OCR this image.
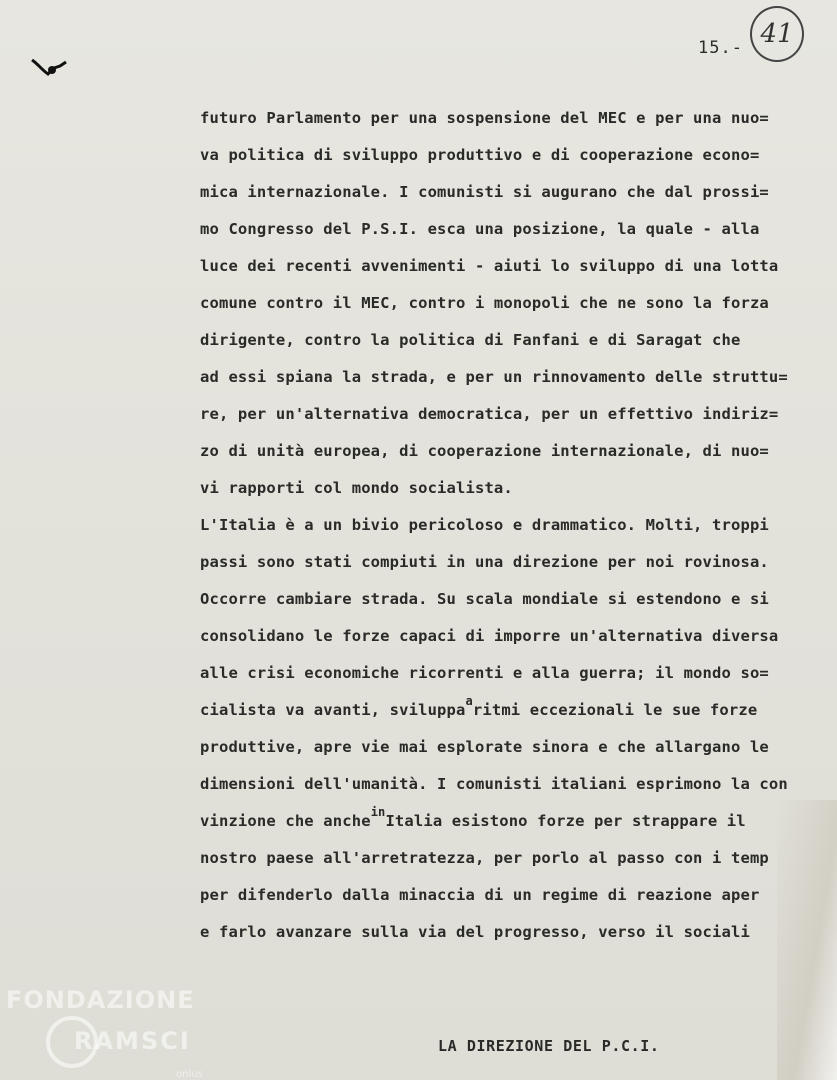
15.- 41
futuro Parlamento per una sospensione del MEC e per una nuo=
va politica di sviluppo produttivo e di cooperazione econo=
mica internazionale. I comunisti si augurano che dal prossi=
mo Congresso del P.S.I. esca una posizione, la quale - alla
luce dei recenti avvenimenti - aiuti lo sviluppo di una lotta
comune contro il MEC, contro i monopoli che ne sono la forza
dirigente, contro la politica di Fanfani e di Saragat che
ad essi spiana la strada, e per un rinnovamento delle struttu=
re, per un'alternativa democratica, per un effettivo indiriz=
zo di unità europea, di cooperazione internazionale, di nuo=
vi rapporti col mondo socialista.
L'Italia è a un bivio pericoloso e drammatico. Molti, troppi
passi sono stati compiuti in una direzione per noi rovinosa.
Occorre cambiare strada. Su scala mondiale si estendono e si
consolidano le forze capaci di imporre un'alternativa diversa
alle crisi economiche ricorrenti e alla guerra; il mondo so=
cialista va avanti, sviluppa$^a$ritmi eccezionali le sue forze
produttive, apre vie mai esplorate sinora e che allargano le
dimensioni dell'umanità. I comunisti italiani esprimono la con
vinzione che anche$^{in}$Italia esistono forze per strappare il
nostro paese all'arretratezza, per porlo al passo con i temp
per difenderlo dalla minaccia di un regime di reazione aper
e farlo avanzare sulla via del progresso, verso il sociali
LA DIREZIONE DEL P.C.I.
FONDAZIONE
RAMSCI
onlus
